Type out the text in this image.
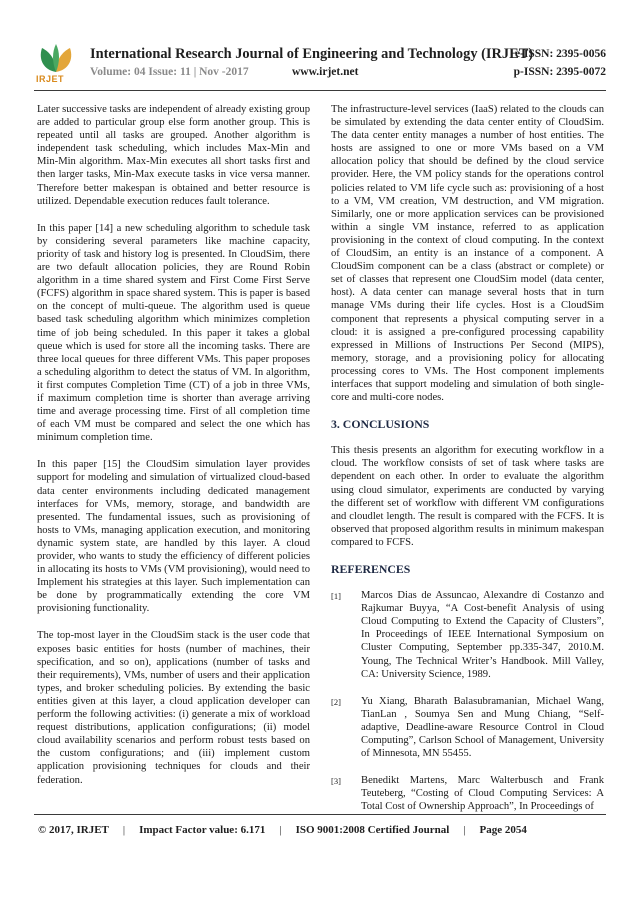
IRJET
International Research Journal of Engineering and Technology (IRJET)
e-ISSN: 2395-0056
Volume: 04 Issue: 11 | Nov -2017	www.irjet.net	p-ISSN: 2395-0072

Later successive tasks are independent of already existing group are added to particular group else form another group. This is repeated until all tasks are grouped. Another algorithm is independent task scheduling, which includes Max-Min and Min-Min algorithm. Max-Min executes all short tasks first and then larger tasks, Min-Max execute tasks in vice versa manner. Therefore better makespan is obtained and better resource is utilized. Dependable execution reduces fault tolerance.

In this paper [14] a new scheduling algorithm to schedule task by considering several parameters like machine capacity, priority of task and history log is presented. In CloudSim, there are two default allocation policies, they are Round Robin algorithm in a time shared system and First Come First Serve (FCFS) algorithm in space shared system. This is paper is based on the concept of multi-queue. The algorithm used is queue based task scheduling algorithm which minimizes completion time of job being scheduled. In this paper it takes a global queue which is used for store all the incoming tasks. There are three local queues for three different VMs. This paper proposes a scheduling algorithm to detect the status of VM. In algorithm, it first computes Completion Time (CT) of a job in three VMs, if maximum completion time is shorter than average arriving time and average processing time. First of all completion time of each VM must be compared and select the one which has minimum completion time.

In this paper [15] the CloudSim simulation layer provides support for modeling and simulation of virtualized cloud-based data center environments including dedicated management interfaces for VMs, memory, storage, and bandwidth are presented. The fundamental issues, such as provisioning of hosts to VMs, managing application execution, and monitoring dynamic system state, are handled by this layer. A cloud provider, who wants to study the efficiency of different policies in allocating its hosts to VMs (VM provisioning), would need to Implement his strategies at this layer. Such implementation can be done by programmatically extending the core VM provisioning functionality.

The top-most layer in the CloudSim stack is the user code that exposes basic entities for hosts (number of machines, their specification, and so on), applications (number of tasks and their requirements), VMs, number of users and their application types, and broker scheduling policies. By extending the basic entities given at this layer, a cloud application developer can perform the following activities: (i) generate a mix of workload request distributions, application configurations; (ii) model cloud availability scenarios and perform robust tests based on the custom configurations; and (iii) implement custom application provisioning techniques for clouds and their federation.

The infrastructure-level services (IaaS) related to the clouds can be simulated by extending the data center entity of CloudSim. The data center entity manages a number of host entities. The hosts are assigned to one or more VMs based on a VM allocation policy that should be defined by the cloud service provider. Here, the VM policy stands for the operations control policies related to VM life cycle such as: provisioning of a host to a VM, VM creation, VM destruction, and VM migration. Similarly, one or more application services can be provisioned within a single VM instance, referred to as application provisioning in the context of cloud computing. In the context of CloudSim, an entity is an instance of a component. A CloudSim component can be a class (abstract or complete) or set of classes that represent one CloudSim model (data center, host). A data center can manage several hosts that in turn manage VMs during their life cycles. Host is a CloudSim component that represents a physical computing server in a cloud: it is assigned a pre-configured processing capability expressed in Millions of Instructions Per Second (MIPS), memory, storage, and a provisioning policy for allocating processing cores to VMs. The Host component implements interfaces that support modeling and simulation of both single-core and multi-core nodes.

3. CONCLUSIONS

This thesis presents an algorithm for executing workflow in a cloud. The workflow consists of set of task where tasks are dependent on each other. In order to evaluate the algorithm using cloud simulator, experiments are conducted by varying the different set of workflow with different VM configurations and cloudlet length. The result is compared with the FCFS. It is observed that proposed algorithm results in minimum makespan compared to FCFS.

REFERENCES
[1] Marcos Dias de Assuncao, Alexandre di Costanzo and Rajkumar Buyya, “A Cost-benefit Analysis of using Cloud Computing to Extend the Capacity of Clusters”, In Proceedings of IEEE International Symposium on Cluster Computing, September pp.335-347, 2010.M. Young, The Technical Writer’s Handbook. Mill Valley, CA: University Science, 1989.
[2] Yu Xiang, Bharath Balasubramanian, Michael Wang, TianLan , Soumya Sen and Mung Chiang, “Self-adaptive, Deadline-aware Resource Control in Cloud Computing”, Carlson School of Management, University of Minnesota, MN 55455.
[3] Benedikt Martens, Marc Walterbusch and Frank Teuteberg, “Costing of Cloud Computing Services: A Total Cost of Ownership Approach”, In Proceedings of
© 2017, IRJET | Impact Factor value: 6.171 | ISO 9001:2008 Certified Journal | Page 2054
